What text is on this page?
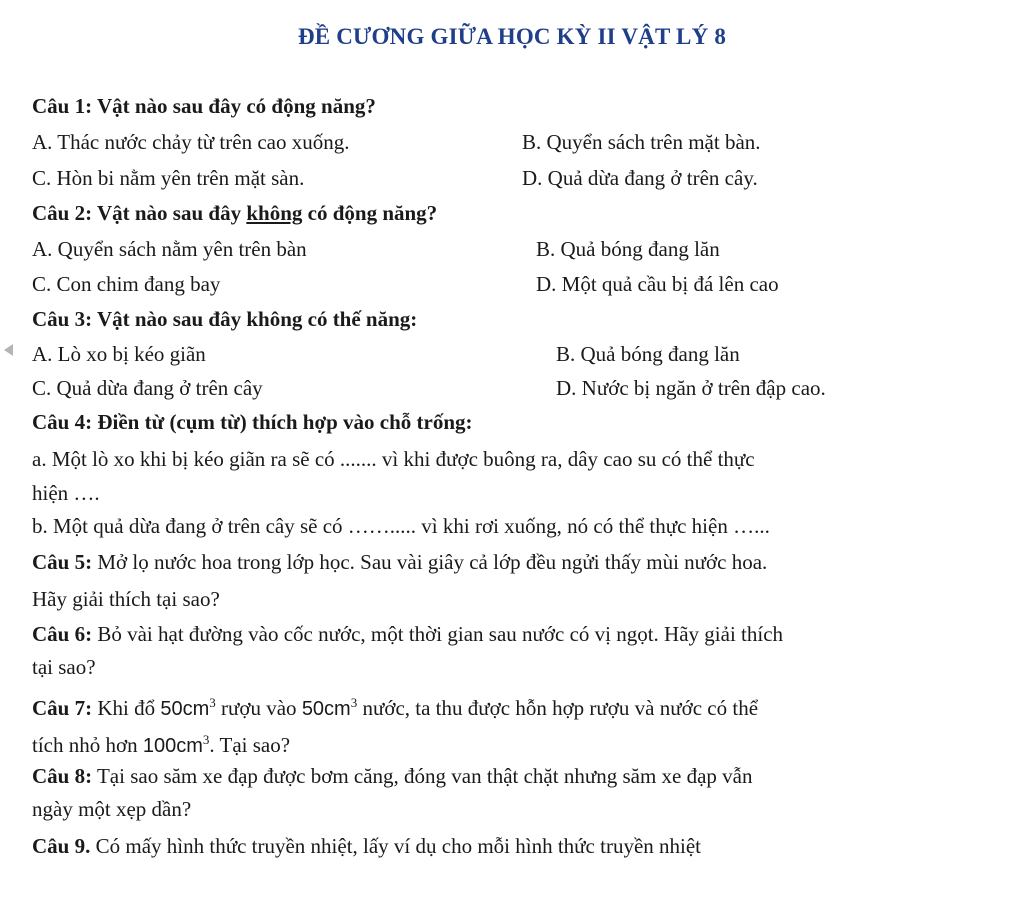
ĐỀ CƯƠNG GIỮA HỌC KỲ II VẬT LÝ 8
Câu 1: Vật nào sau đây có động năng?
A. Thác nước chảy từ trên cao xuống.	B. Quyển sách trên mặt bàn.
C. Hòn bi nằm yên trên mặt sàn.	D. Quả dừa đang ở trên cây.
Câu 2: Vật nào sau đây không có động năng?
A. Quyển sách nằm yên trên bàn	B. Quả bóng đang lăn
C. Con chim đang bay	D. Một quả cầu bị đá lên cao
Câu 3: Vật nào sau đây không có thế năng:
A. Lò xo bị kéo giãn	B. Quả bóng đang lăn
C. Quả dừa đang ở trên cây	D. Nước bị ngăn ở trên đập cao.
Câu 4: Điền từ (cụm từ) thích hợp vào chỗ trống:
a. Một lò xo khi bị kéo giãn ra sẽ có ....... vì khi được buông ra, dây cao su có thể thực
hiện ….
b. Một quả dừa đang ở trên cây sẽ có ……..... vì khi rơi xuống, nó có thể thực hiện …...
Câu 5: Mở lọ nước hoa trong lớp học. Sau vài giây cả lớp đều ngửi thấy mùi nước hoa.
Hãy giải thích tại sao?
Câu 6: Bỏ vài hạt đường vào cốc nước, một thời gian sau nước có vị ngọt. Hãy giải thích
tại sao?
Câu 7: Khi đổ $50cm^3$ rượu vào $50cm^3$ nước, ta thu được hỗn hợp rượu và nước có thể
tích nhỏ hơn $100cm^3$. Tại sao?
Câu 8: Tại sao săm xe đạp được bơm căng, đóng van thật chặt nhưng săm xe đạp vẫn
ngày một xẹp dần?
Câu 9. Có mấy hình thức truyền nhiệt, lấy ví dụ cho mỗi hình thức truyền nhiệt
